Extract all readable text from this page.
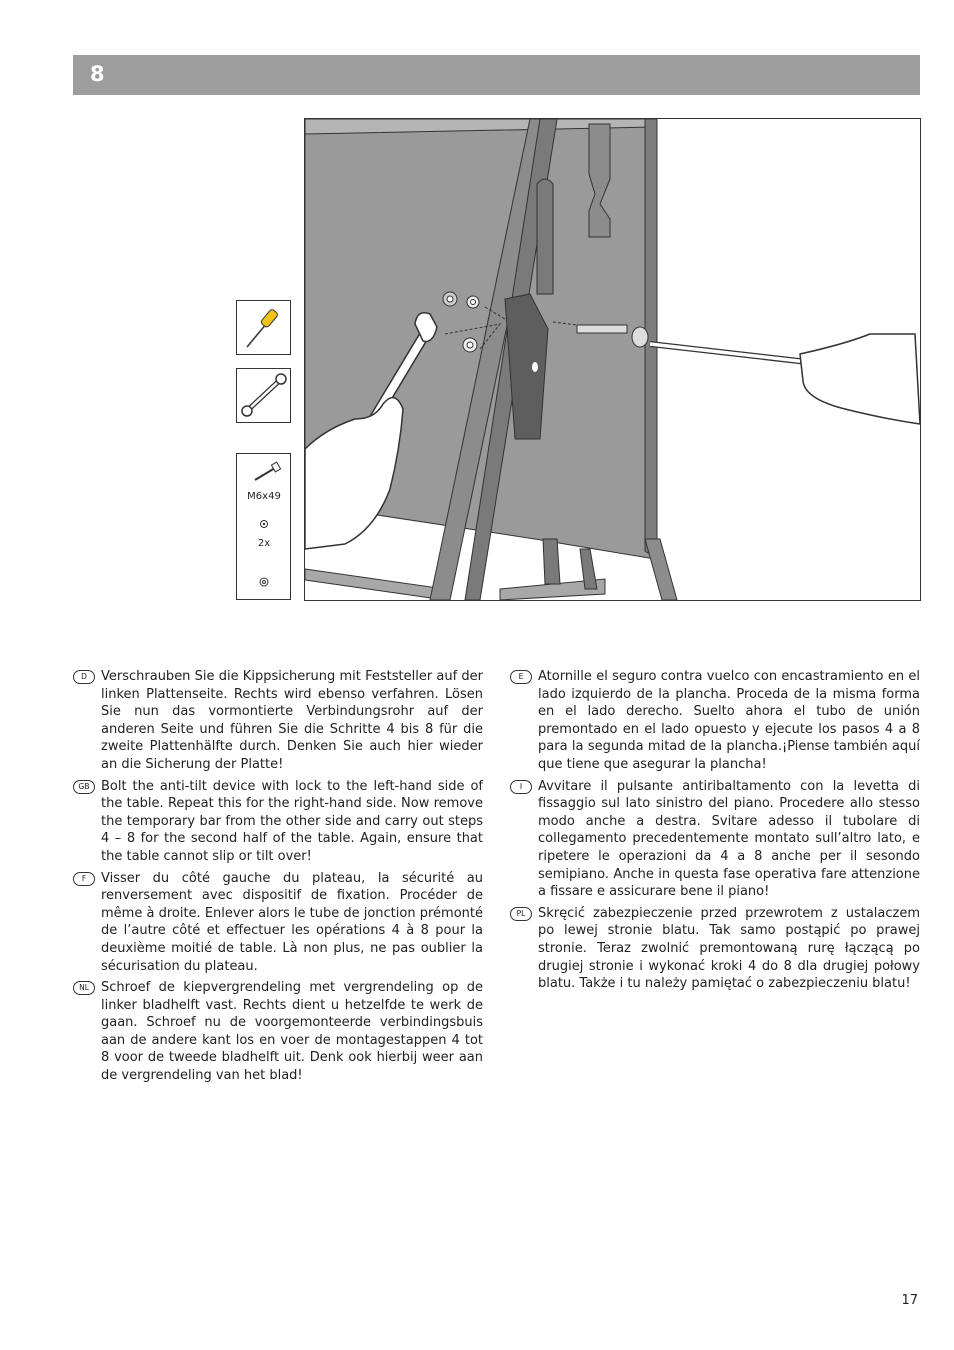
8
M6x49
2x
D	Verschrauben Sie die Kippsicherung mit Feststeller auf der linken Plattenseite. Rechts wird ebenso verfahren. Lösen Sie nun das vormontierte Verbindungsrohr auf der anderen Seite und führen Sie die Schritte 4 bis 8 für die zweite Plattenhälfte durch. Denken Sie auch hier wieder an die Sicherung der Platte!
GB Bolt the anti-tilt device with lock to the left-hand side of the table. Repeat this for the right-hand side. Now remove the temporary bar from the other side and carry out steps 4 – 8 for the second half of the table. Again, ensure that the table cannot slip or tilt over!
F	Visser du côté gauche du plateau, la sécurité au renversement avec dispositif de fixation. Procéder de même à droite. Enlever alors le tube de jonction prémonté de l’autre côté et effectuer les opérations 4 à 8 pour la deuxième moitié de table. Là non plus, ne pas oublier la sécurisation du plateau.
NL Schroef de kiepvergrendeling met vergrendeling op de linker bladhelft vast. Rechts dient u hetzelfde te werk de gaan. Schroef nu de voorgemonteerde verbindingsbuis aan de andere kant los en voer de montagestappen 4 tot 8 voor de tweede bladhelft uit. Denk ook hierbij weer aan de vergrendeling van het blad!
E	Atornille el seguro contra vuelco con encastramiento en el lado izquierdo de la plancha. Proceda de la misma forma en el lado derecho. Suelto ahora el tubo de unión premontado en el lado opuesto y ejecute los pasos 4 a 8 para la segunda mitad de la plancha.¡Piense también aquí que tiene que asegurar la plancha!
I	Avvitare il pulsante antiribaltamento con la levetta di fissaggio sul lato sinistro del piano. Procedere allo stesso modo anche a destra. Svitare adesso il tubolare di collegamento precedentemente montato sull’altro lato, e ripetere le operazioni da 4 a 8 anche per il sesondo semipiano. Anche in questa fase operativa fare attenzione a fissare e assicurare bene il piano!
PL Skręcić zabezpieczenie przed przewrotem z ustalaczem po lewej stronie blatu. Tak samo postąpić po prawej stronie. Teraz zwolnić premontowaną rurę łączącą po drugiej stronie i wykonać kroki 4 do 8 dla drugiej połowy blatu. Także i tu należy pamiętać o zabezpieczeniu blatu!
17
